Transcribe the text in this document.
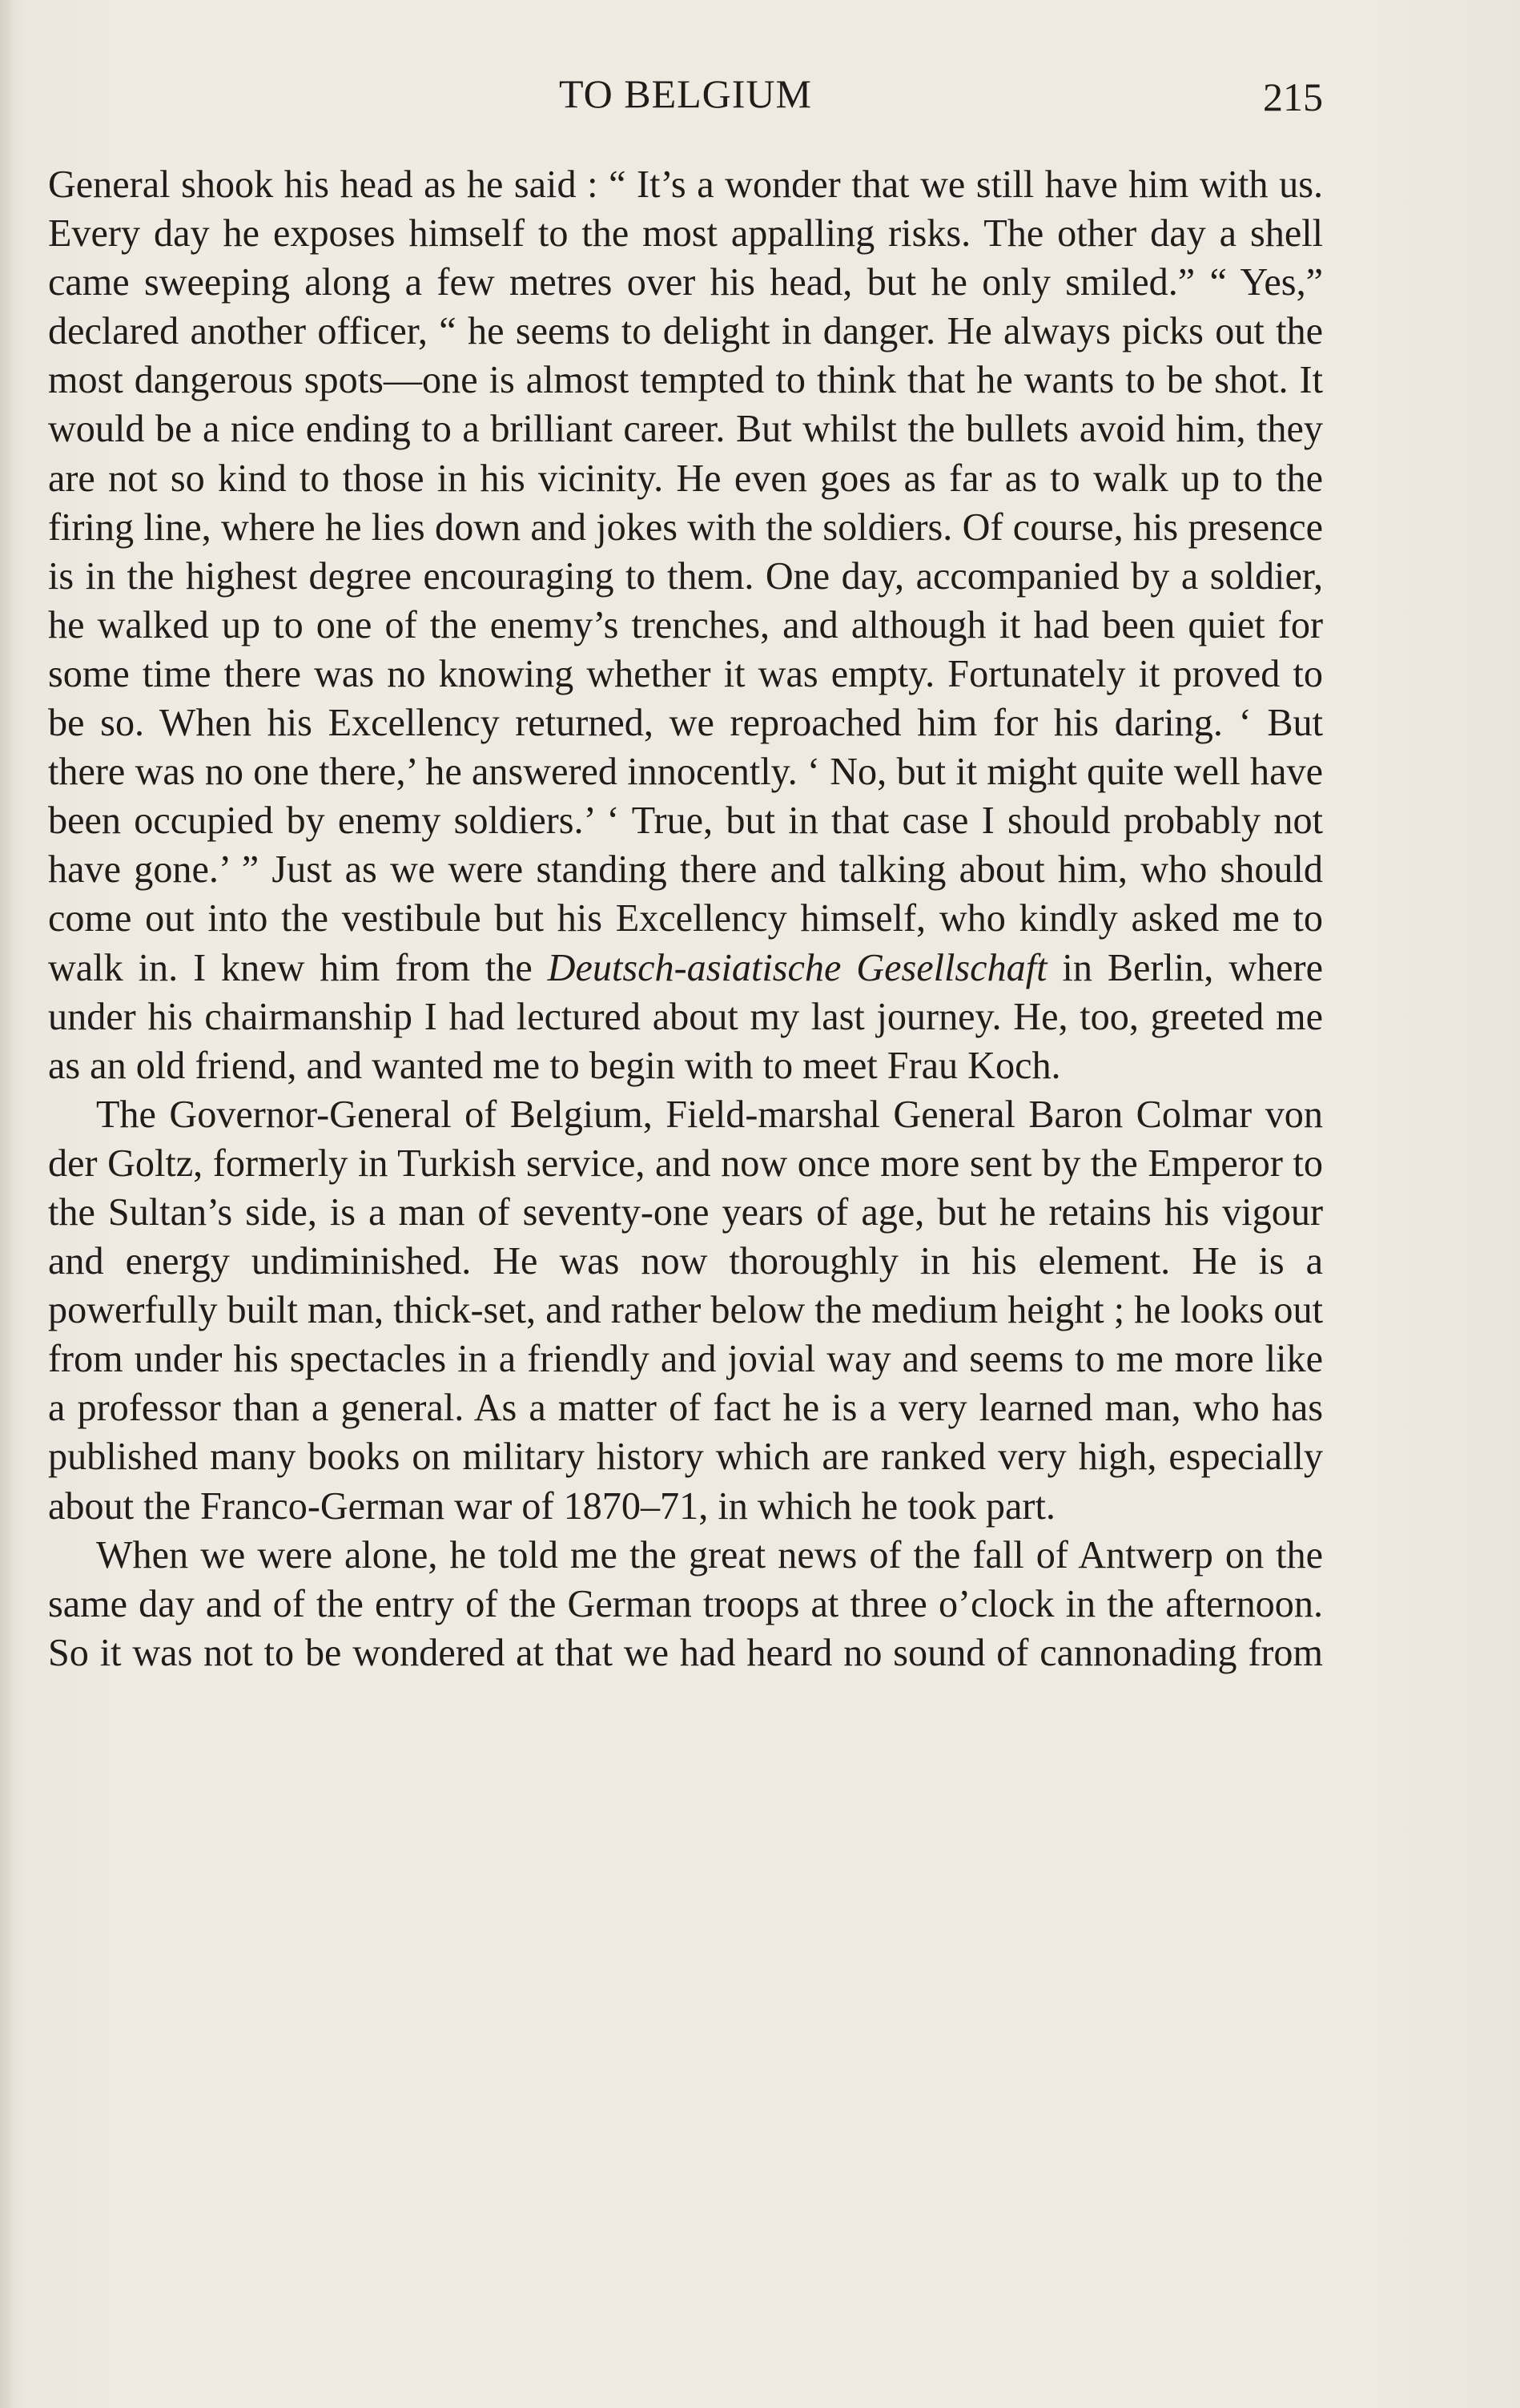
TO BELGIUM	215

General shook his head as he said : “ It’s a wonder that we still have him with us. Every day he exposes himself to the most appalling risks. The other day a shell came sweeping along a few metres over his head, but he only smiled.” “ Yes,” declared another officer, “ he seems to delight in danger. He always picks out the most dangerous spots—one is almost tempted to think that he wants to be shot. It would be a nice ending to a brilliant career. But whilst the bullets avoid him, they are not so kind to those in his vicinity. He even goes as far as to walk up to the firing line, where he lies down and jokes with the soldiers. Of course, his presence is in the highest degree encouraging to them. One day, accompanied by a soldier, he walked up to one of the enemy’s trenches, and although it had been quiet for some time there was no knowing whether it was empty. Fortunately it proved to be so. When his Excellency returned, we reproached him for his daring. ‘ But there was no one there,’ he answered innocently. ‘ No, but it might quite well have been occupied by enemy soldiers.’ ‘ True, but in that case I should probably not have gone.’ ” Just as we were standing there and talking about him, who should come out into the vestibule but his Excellency himself, who kindly asked me to walk in. I knew him from the Deutsch-asiatische Gesellschaft in Berlin, where under his chairmanship I had lectured about my last journey. He, too, greeted me as an old friend, and wanted me to begin with to meet Frau Koch.

The Governor-General of Belgium, Field-marshal General Baron Colmar von der Goltz, formerly in Turkish service, and now once more sent by the Emperor to the Sultan’s side, is a man of seventy-one years of age, but he retains his vigour and energy undiminished. He was now thoroughly in his element. He is a powerfully built man, thick-set, and rather below the medium height ; he looks out from under his spectacles in a friendly and jovial way and seems to me more like a professor than a general. As a matter of fact he is a very learned man, who has published many books on military history which are ranked very high, especially about the Franco-German war of 1870–71, in which he took part.

When we were alone, he told me the great news of the fall of Antwerp on the same day and of the entry of the German troops at three o’clock in the afternoon. So it was not to be wondered at that we had heard no sound of cannonading from
